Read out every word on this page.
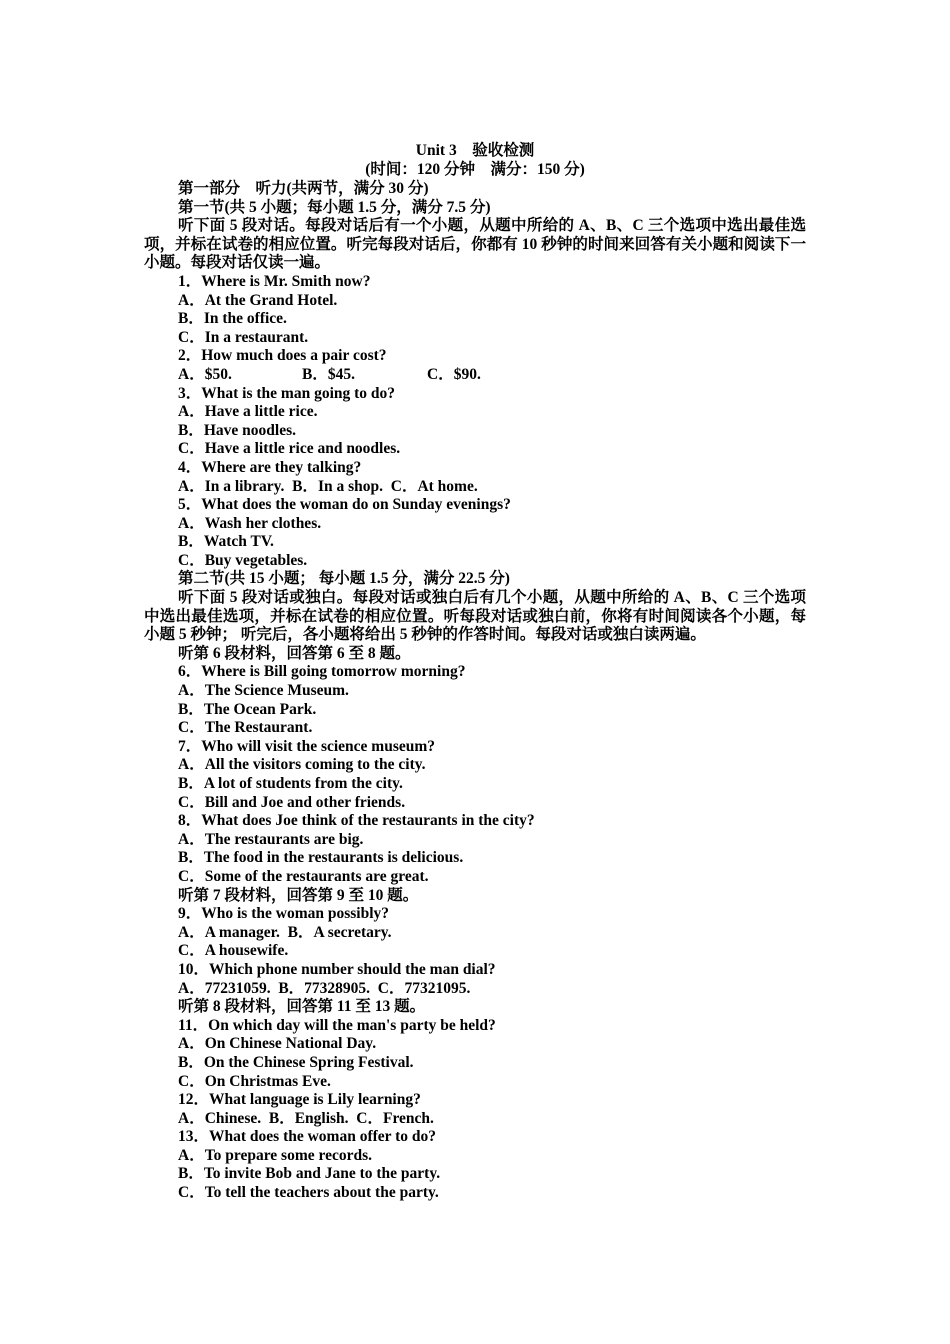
Unit 3　验收检测
(时间：120 分钟　满分：150 分)
第一部分　听力(共两节，满分 30 分)
第一节(共 5 小题；每小题 1.5 分，满分 7.5 分)
听下面 5 段对话。每段对话后有一个小题，从题中所给的 A、B、C 三个选项中选出最佳选项，并标在试卷的相应位置。听完每段对话后，你都有 10 秒钟的时间来回答有关小题和阅读下一小题。每段对话仅读一遍。
1．Where is Mr. Smith now?
A．At the Grand Hotel.
B．In the office.
C．In a restaurant.
2．How much does a pair cost?
A．$50.	B．$45.	C．$90.
3．What is the man going to do?
A．Have a little rice.
B．Have noodles.
C．Have a little rice and noodles.
4．Where are they talking?
A．In a library.  B．In a shop.  C．At home.
5．What does the woman do on Sunday evenings?
A．Wash her clothes.
B．Watch TV.
C．Buy vegetables.
第二节(共 15 小题； 每小题 1.5 分，满分 22.5 分)
听下面 5 段对话或独白。每段对话或独白后有几个小题，从题中所给的 A、B、C 三个选项中选出最佳选项，并标在试卷的相应位置。听每段对话或独白前，你将有时间阅读各个小题，每小题 5 秒钟； 听完后，各小题将给出 5 秒钟的作答时间。每段对话或独白读两遍。
听第 6 段材料，回答第 6 至 8 题。
6．Where is Bill going tomorrow morning?
A．The Science Museum.
B．The Ocean Park.
C．The Restaurant.
7．Who will visit the science museum?
A．All the visitors coming to the city.
B．A lot of students from the city.
C．Bill and Joe and other friends.
8．What does Joe think of the restaurants in the city?
A．The restaurants are big.
B．The food in the restaurants is delicious.
C．Some of the restaurants are great.
听第 7 段材料，回答第 9 至 10 题。
9．Who is the woman possibly?
A．A manager.  B．A secretary.
C．A housewife.
10．Which phone number should the man dial?
A．77231059.  B．77328905.  C．77321095.
听第 8 段材料，回答第 11 至 13 题。
11．On which day will the man's party be held?
A．On Chinese National Day.
B．On the Chinese Spring Festival.
C．On Christmas Eve.
12．What language is Lily learning?
A．Chinese.  B．English.  C．French.
13．What does the woman offer to do?
A．To prepare some records.
B．To invite Bob and Jane to the party.
C．To tell the teachers about the party.
